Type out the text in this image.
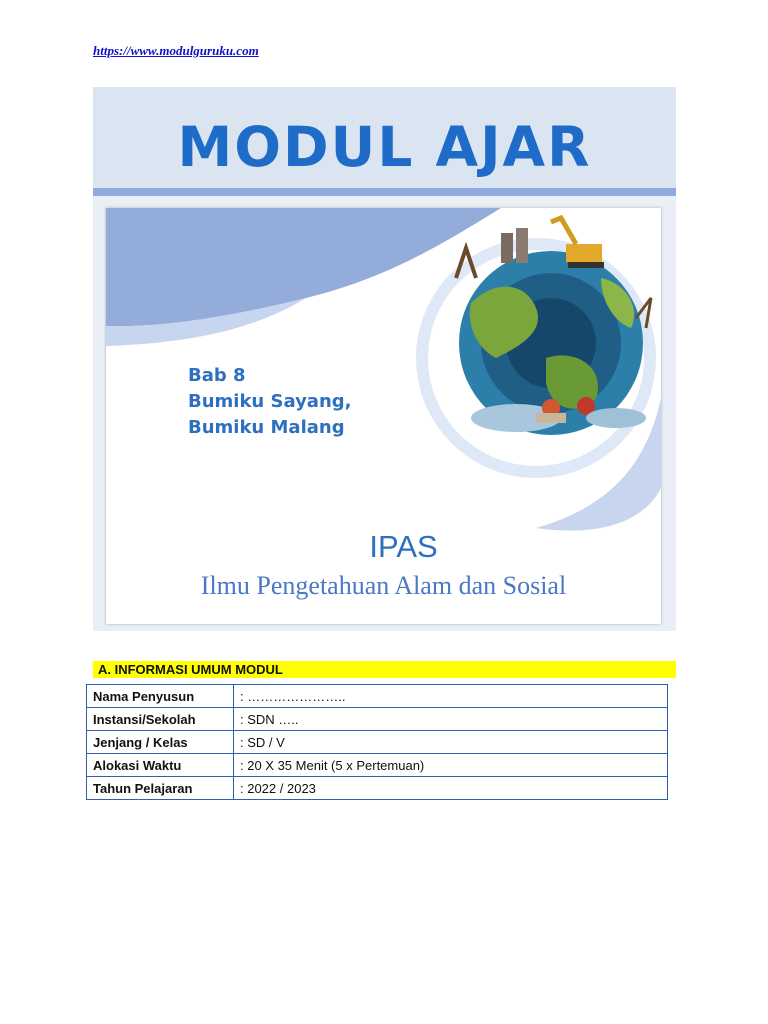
https://www.modulguruku.com
MODUL AJAR
Bab 8
Bumiku Sayang,
Bumiku Malang
IPAS
Ilmu Pengetahuan Alam dan Sosial
A. INFORMASI UMUM MODUL
Nama Penyusun	: …………………..
Instansi/Sekolah	: SDN …..
Jenjang / Kelas	: SD / V
Alokasi Waktu	: 20 X 35 Menit (5 x Pertemuan)
Tahun Pelajaran	: 2022 / 2023
